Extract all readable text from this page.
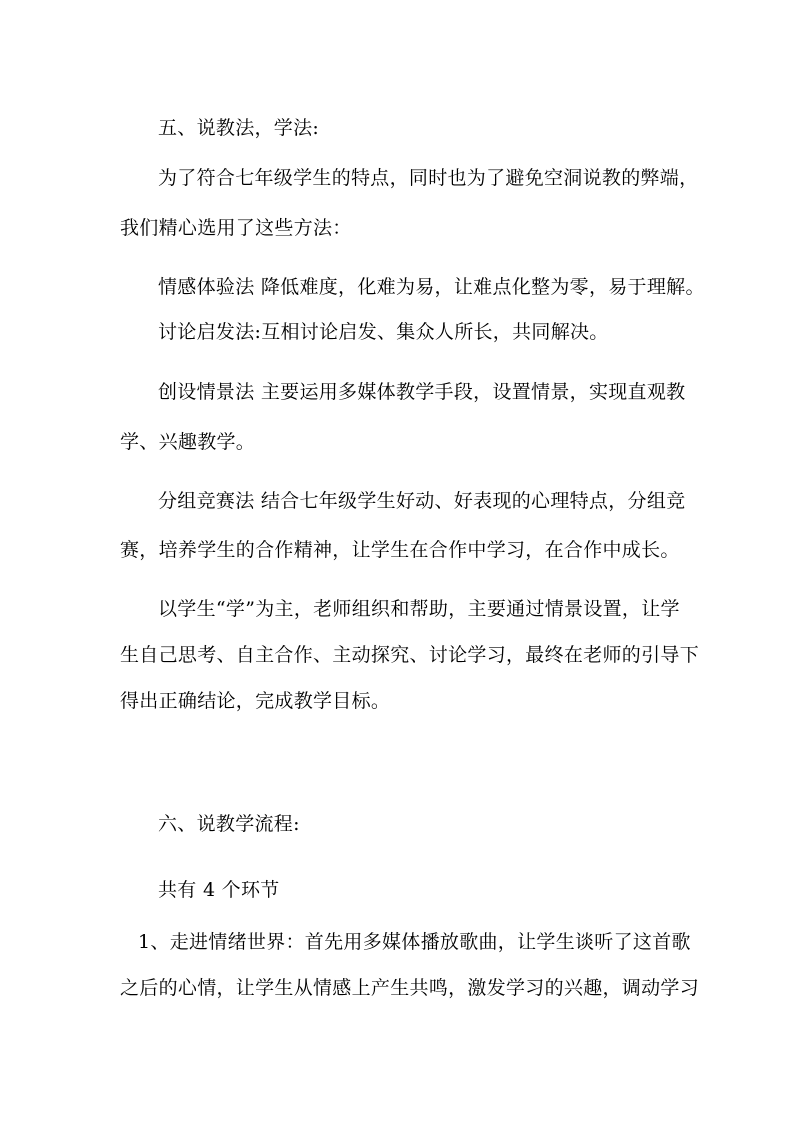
五、说教法，学法:
为了符合七年级学生的特点，同时也为了避免空洞说教的弊端，
我们精心选用了这些方法：
情感体验法 降低难度，化难为易，让难点化整为零，易于理解。
讨论启发法:互相讨论启发、集众人所长，共同解决。
创设情景法 主要运用多媒体教学手段，设置情景，实现直观教
学、兴趣教学。
分组竞赛法 结合七年级学生好动、好表现的心理特点，分组竞
赛，培养学生的合作精神，让学生在合作中学习，在合作中成长。
以学生“学”为主，老师组织和帮助，主要通过情景设置，让学
生自己思考、自主合作、主动探究、讨论学习，最终在老师的引导下
得出正确结论，完成教学目标。
六、说教学流程:
共有 4 个环节
1、走进情绪世界：首先用多媒体播放歌曲，让学生谈听了这首歌
之后的心情，让学生从情感上产生共鸣，激发学习的兴趣，调动学习
